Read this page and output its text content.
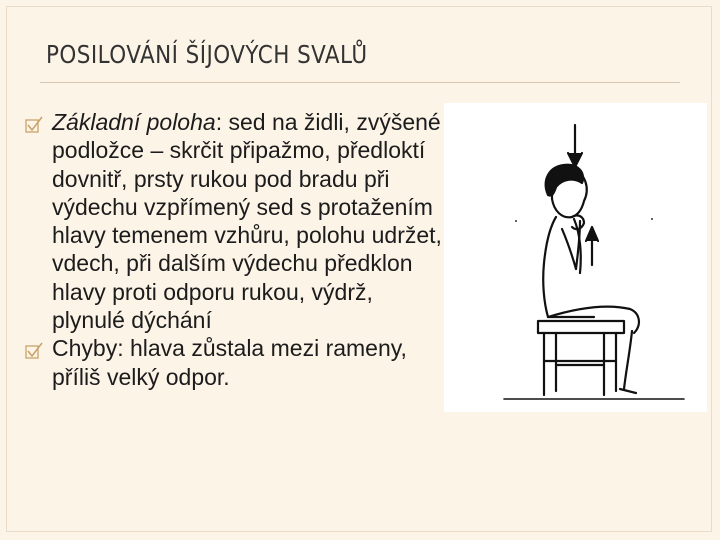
POSILOVÁNÍ ŠÍJOVÝCH SVALŮ
Základní poloha: sed na židli, zvýšené podložce – skrčit připažmo, předloktí dovnitř, prsty rukou pod bradu při výdechu vzpřímený sed s protažením hlavy temenem vzhůru, polohu udržet, vdech, při dalším výdechu předklon hlavy proti odporu rukou, výdrž, plynulé dýchání
Chyby: hlava zůstala mezi rameny, příliš velký odpor.
